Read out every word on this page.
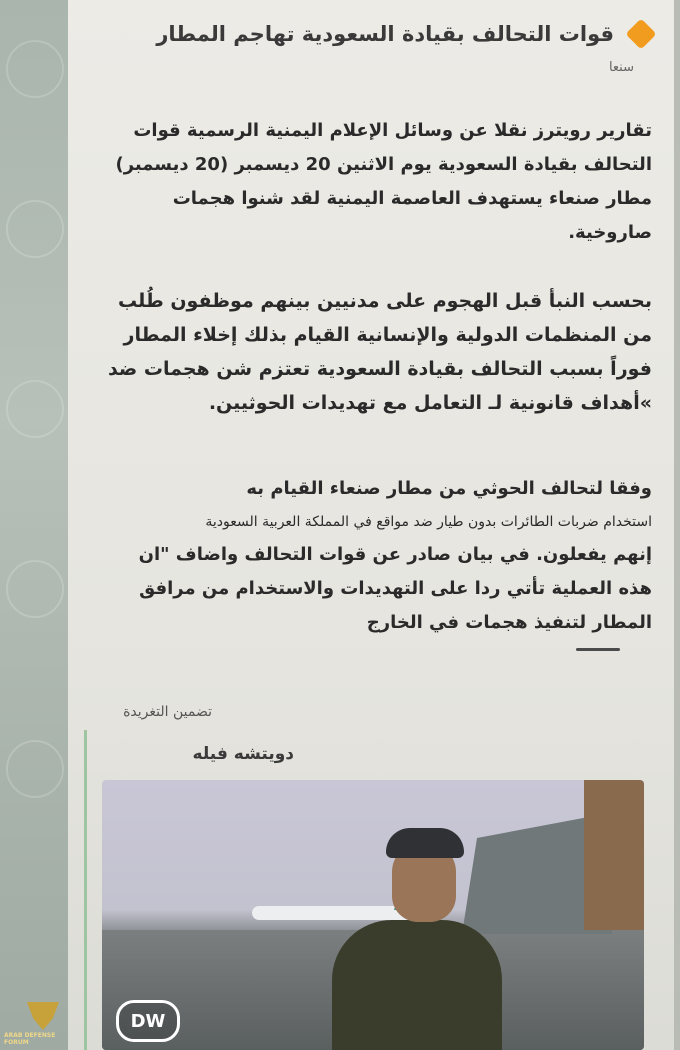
قوات التحالف بقيادة السعودية تهاجم المطار
سنعا
تقارير رويترز نقلا عن وسائل الإعلام اليمنية الرسمية قوات التحالف بقيادة السعودية يوم الاثنين 20 ديسمبر (20 ديسمبر) مطار صنعاء يستهدف العاصمة اليمنية لقد شنوا هجمات صاروخية.
بحسب النبأ قبل الهجوم على مدنيين بينهم موظفون طُلب من المنظمات الدولية والإنسانية القيام بذلك إخلاء المطار فوراً بسبب التحالف بقيادة السعودية تعتزم شن هجمات ضد »أهداف قانونية لـ التعامل مع تهديدات الحوثيين.
وفقا لتحالف الحوثي من مطار صنعاء القيام به
استخدام ضربات الطائرات بدون طيار ضد مواقع في المملكة العربية السعودية
إنهم يفعلون. في بيان صادر عن قوات التحالف واضاف "ان هذه العملية تأتي ردا على التهديدات والاستخدام من مرافق المطار لتنفيذ هجمات في الخارج
تضمين التغريدة
دويتشه فيله
DW
ARAB DEFENSE FORUM
